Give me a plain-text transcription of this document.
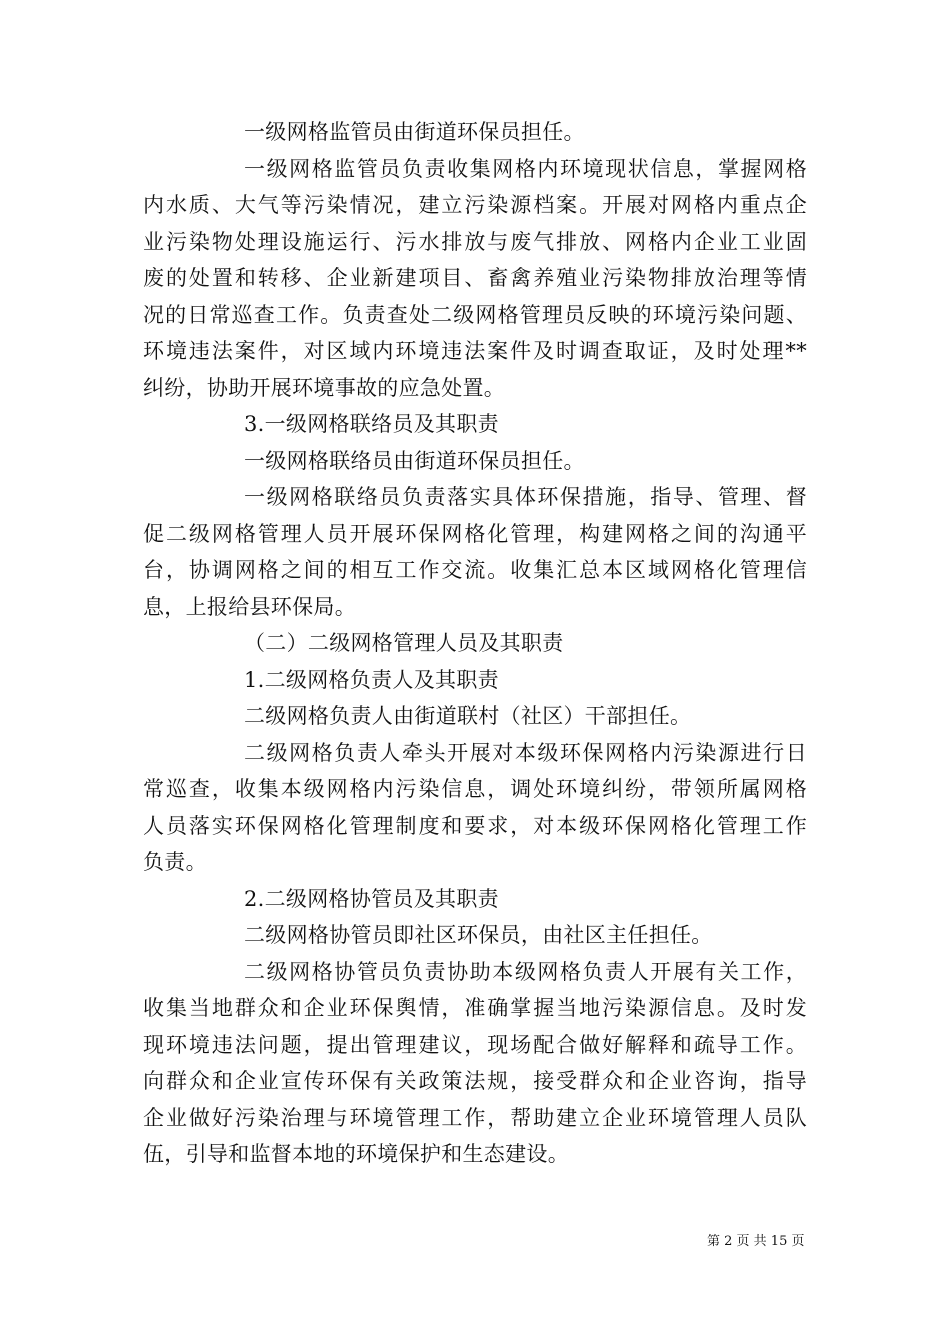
一级网格监管员由街道环保员担任。
一级网格监管员负责收集网格内环境现状信息，掌握网格
内水质、大气等污染情况，建立污染源档案。开展对网格内重点企
业污染物处理设施运行、污水排放与废气排放、网格内企业工业固
废的处置和转移、企业新建项目、畜禽养殖业污染物排放治理等情
况的日常巡查工作。负责查处二级网格管理员反映的环境污染问题、
环境违法案件，对区域内环境违法案件及时调查取证，及时处理**
纠纷，协助开展环境事故的应急处置。
3.一级网格联络员及其职责
一级网格联络员由街道环保员担任。
一级网格联络员负责落实具体环保措施，指导、管理、督
促二级网格管理人员开展环保网格化管理，构建网格之间的沟通平
台，协调网格之间的相互工作交流。收集汇总本区域网格化管理信
息，上报给县环保局。
（二）二级网格管理人员及其职责
1.二级网格负责人及其职责
二级网格负责人由街道联村（社区）干部担任。
二级网格负责人牵头开展对本级环保网格内污染源进行日
常巡查，收集本级网格内污染信息，调处环境纠纷，带领所属网格
人员落实环保网格化管理制度和要求，对本级环保网格化管理工作
负责。
2.二级网格协管员及其职责
二级网格协管员即社区环保员，由社区主任担任。
二级网格协管员负责协助本级网格负责人开展有关工作，
收集当地群众和企业环保舆情，准确掌握当地污染源信息。及时发
现环境违法问题，提出管理建议，现场配合做好解释和疏导工作。
向群众和企业宣传环保有关政策法规，接受群众和企业咨询，指导
企业做好污染治理与环境管理工作，帮助建立企业环境管理人员队
伍，引导和监督本地的环境保护和生态建设。
第 2 页 共 15 页
